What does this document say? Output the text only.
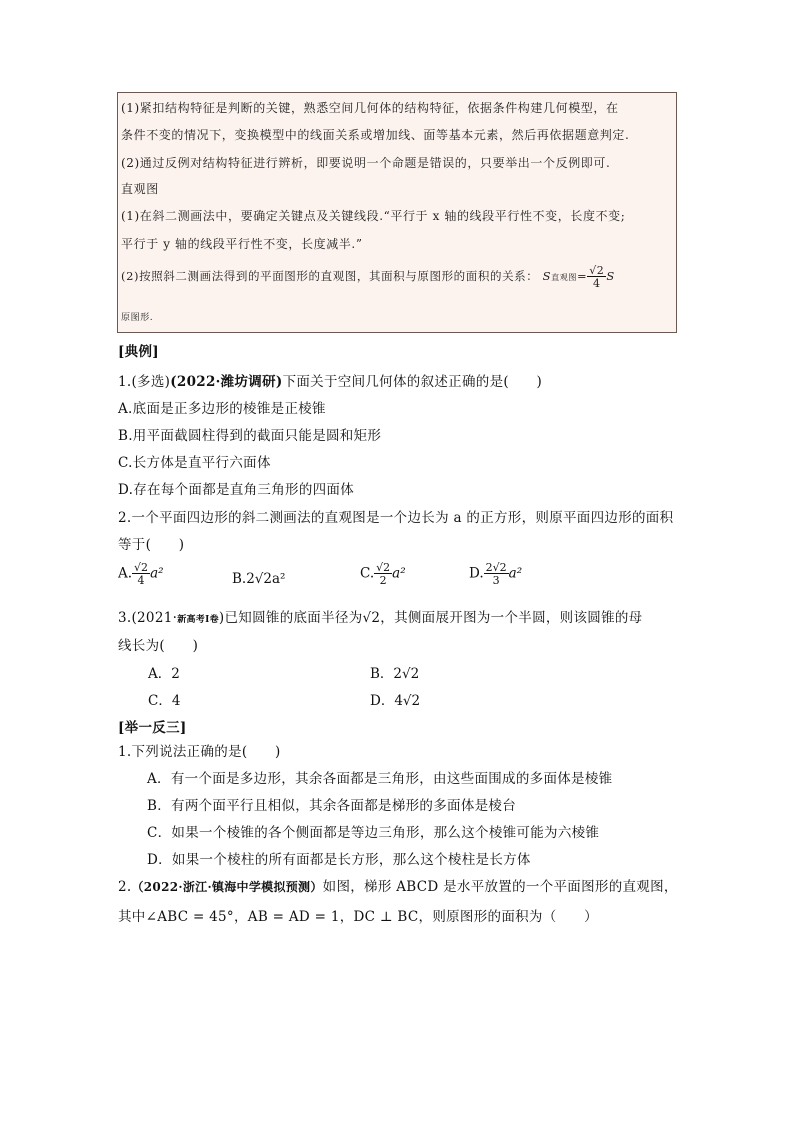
(1)紧扣结构特征是判断的关键，熟悉空间几何体的结构特征，依据条件构建几何模型，在
条件不变的情况下，变换模型中的线面关系或增加线、面等基本元素，然后再依据题意判定.
(2)通过反例对结构特征进行辨析，即要说明一个命题是错误的，只要举出一个反例即可.
直观图
(1)在斜二测画法中，要确定关键点及关键线段.“平行于 x 轴的线段平行性不变，长度不变;
平行于 y 轴的线段平行性不变，长度减半.”
(2)按照斜二测画法得到的平面图形的直观图，其面积与原图形的面积的关系： S直观图= $\frac{√2}{4}$ S
原图形.
[典例]
1.(多选)(2022·潍坊调研)下面关于空间几何体的叙述正确的是(　　)
A.底面是正多边形的棱锥是正棱锥
B.用平面截圆柱得到的截面只能是圆和矩形
C.长方体是直平行六面体
D.存在每个面都是直角三角形的四面体
2.一个平面四边形的斜二测画法的直观图是一个边长为 a 的正方形，则原平面四边形的面积
等于(　　)
A. $\frac{√2}{4} a^2$	B.2√2a²	C. $\frac{√2}{2} a^2$	D. $\frac{2√2}{3} a^2$
3.(2021·新高考Ⅰ卷)已知圆锥的底面半径为√2，其侧面展开图为一个半圆，则该圆锥的母
线长为(　　)
A．2	B．2√2
C．4	D．4√2
[举一反三]
1.下列说法正确的是(　　)
A．有一个面是多边形，其余各面都是三角形，由这些面围成的多面体是棱锥
B．有两个面平行且相似，其余各面都是梯形的多面体是棱台
C．如果一个棱锥的各个侧面都是等边三角形，那么这个棱锥可能为六棱锥
D．如果一个棱柱的所有面都是长方形，那么这个棱柱是长方体
2.（2022·浙江·镇海中学模拟预测）如图，梯形 ABCD 是水平放置的一个平面图形的直观图，
其中∠ABC = 45°，AB = AD = 1，DC ⊥ BC，则原图形的面积为（　　）
